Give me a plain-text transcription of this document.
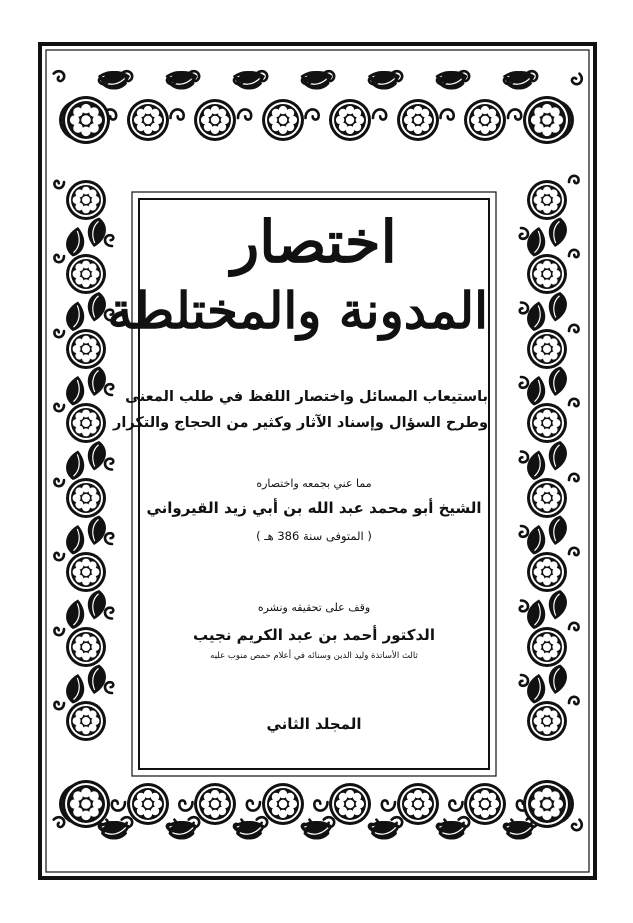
اختصار
المدونة والمختلطة
باستيعاب المسائل واختصار اللفظ في طلب المعنى
وطرح السؤال وإسناد الآثار وكثير من الحجاج والتكرار
مما عني بجمعه واختصاره
الشيخ أبو محمد عبد الله بن أبي زيد القيرواني
( المتوفى سنة 386 هـ )
وقف على تحقيقه ونشره
الدكتور أحمد بن عبد الكريم نجيب
ثالث الأساتذة وليد الدين وسنائه في أعلام حمص منوب عليه
المجلد الثاني
